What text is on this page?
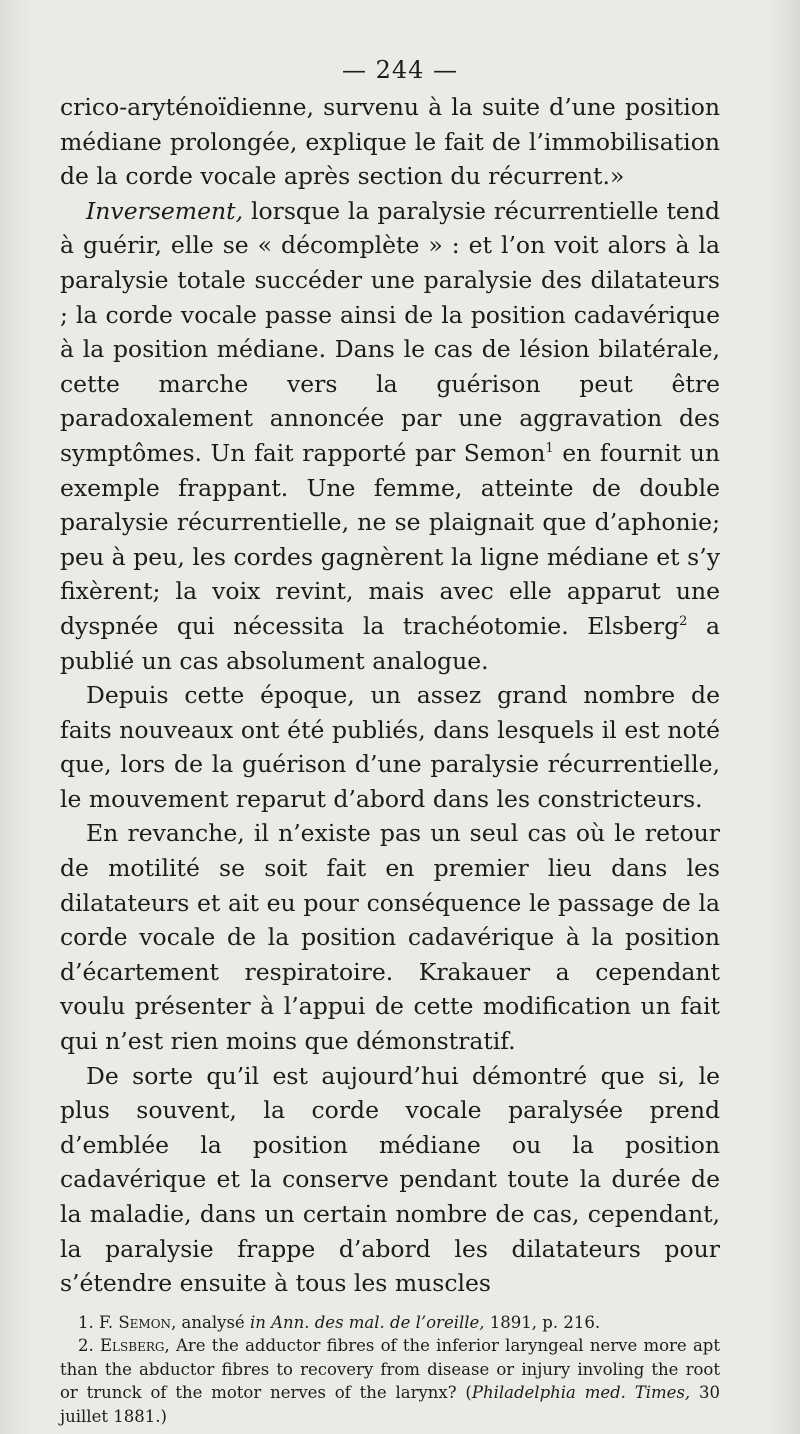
— 244 —

crico-aryténoïdienne, survenu à la suite d’une position médiane prolongée, explique le fait de l’immobilisation de la corde vocale après section du récurrent.»

Inversement, lorsque la paralysie récurrentielle tend à guérir, elle se « décomplète » : et l’on voit alors à la paralysie totale succéder une paralysie des dilatateurs ; la corde vocale passe ainsi de la position cadavérique à la position médiane. Dans le cas de lésion bilatérale, cette marche vers la guérison peut être paradoxalement annoncée par une aggravation des symptômes. Un fait rapporté par Semon$^1$ en fournit un exemple frappant. Une femme, atteinte de double paralysie récurrentielle, ne se plaignait que d’aphonie; peu à peu, les cordes gagnèrent la ligne médiane et s’y fixèrent; la voix revint, mais avec elle apparut une dyspnée qui nécessita la trachéotomie. Elsberg$^2$ a publié un cas absolument analogue.

Depuis cette époque, un assez grand nombre de faits nouveaux ont été publiés, dans lesquels il est noté que, lors de la guérison d’une paralysie récurrentielle, le mouvement reparut d’abord dans les constricteurs.

En revanche, il n’existe pas un seul cas où le retour de motilité se soit fait en premier lieu dans les dilatateurs et ait eu pour conséquence le passage de la corde vocale de la position cadavérique à la position d’écartement respiratoire. Krakauer a cependant voulu présenter à l’appui de cette modification un fait qui n’est rien moins que démonstratif.

De sorte qu’il est aujourd’hui démontré que si, le plus souvent, la corde vocale paralysée prend d’emblée la position médiane ou la position cadavérique et la conserve pendant toute la durée de la maladie, dans un certain nombre de cas, cependant, la paralysie frappe d’abord les dilatateurs pour s’étendre ensuite à tous les muscles

1. F. Semon, analysé in Ann. des mal. de l’oreille, 1891, p. 216.

2. Elsberg, Are the adductor fibres of the inferior laryngeal nerve more apt than the abductor fibres to recovery from disease or injury involing the root or trunck of the motor nerves of the larynx? (Philadelphia med. Times, 30 juillet 1881.)
